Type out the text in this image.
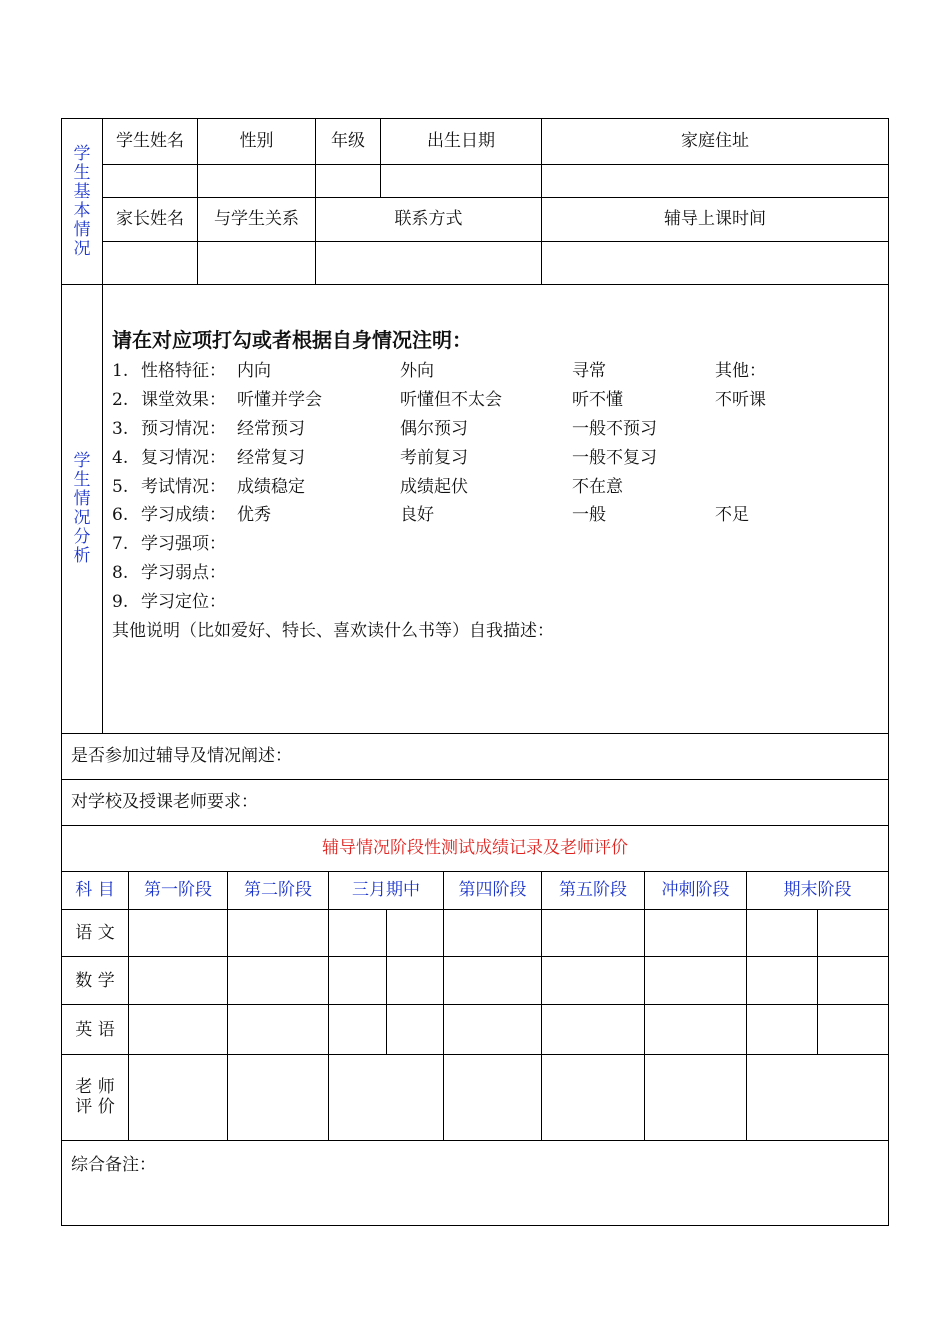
学生基本情况
学生姓名	性别	年级	出生日期	家庭住址
家长姓名	与学生关系	联系方式	辅导上课时间
学生情况分析
请在对应项打勾或者根据自身情况注明：
1. 性格特征： 内向	外向	寻常	其他：
2. 课堂效果： 听懂并学会	听懂但不太会	听不懂	不听课
3. 预习情况： 经常预习	偶尔预习	一般不预习
4. 复习情况： 经常复习	考前复习	一般不复习
5. 考试情况： 成绩稳定	成绩起伏	不在意
6. 学习成绩： 优秀	良好	一般	不足
7. 学习强项：
8. 学习弱点：
9. 学习定位：
其他说明（比如爱好、特长、喜欢读什么书等）自我描述：
是否参加过辅导及情况阐述：
对学校及授课老师要求：
辅导情况阶段性测试成绩记录及老师评价
科 目	第一阶段	第二阶段	三月期中	第四阶段	第五阶段	冲刺阶段	期末阶段
语 文
数 学
英 语
老 师
评 价
综合备注：
